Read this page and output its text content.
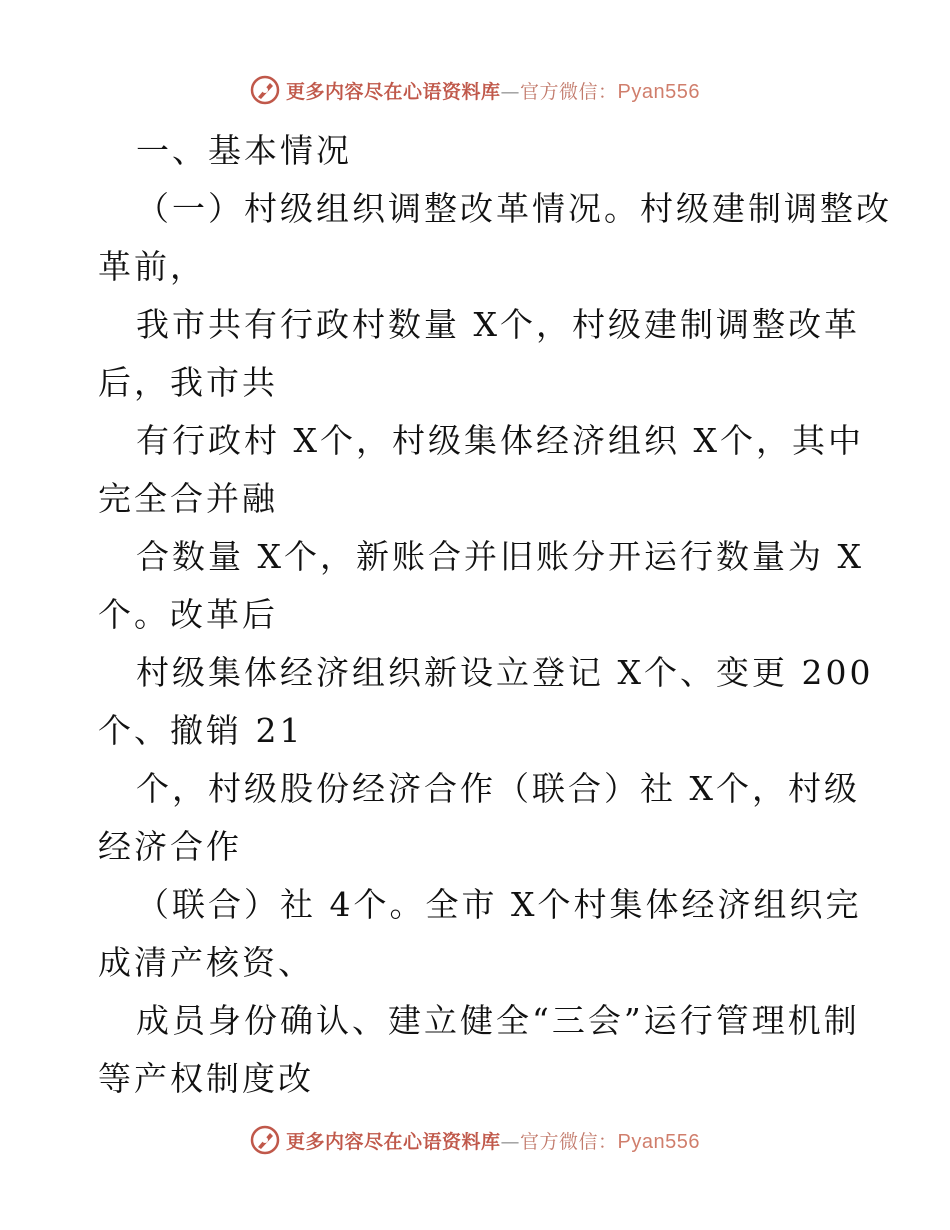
更多内容尽在心语资料库—官方微信：Pyan556
一、基本情况
（一）村级组织调整改革情况。村级建制调整改
革前，
我市共有行政村数量 X个，村级建制调整改革
后，我市共
有行政村 X个，村级集体经济组织 X个，其中
完全合并融
合数量 X个，新账合并旧账分开运行数量为 X
个。改革后
村级集体经济组织新设立登记 X个、变更 200
个、撤销 21
个，村级股份经济合作（联合）社 X个，村级
经济合作
（联合）社 4个。全市 X个村集体经济组织完
成清产核资、
成员身份确认、建立健全“三会”运行管理机制
等产权制度改
更多内容尽在心语资料库—官方微信：Pyan556
